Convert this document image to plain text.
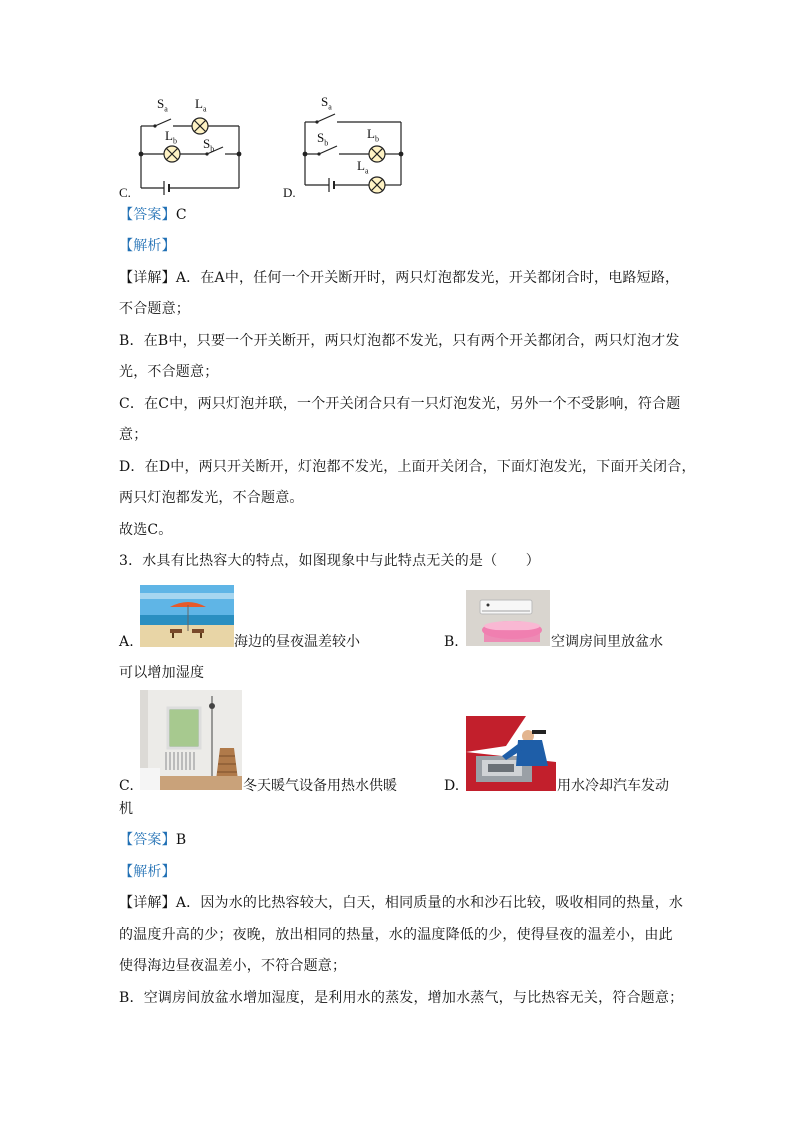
C.
$S_a$ $L_a$
$L_b$ $S_b$
D.
$S_a$
$S_b$
$L_b$
$L_a$
【答案】C
【解析】
【详解】A．在A中，任何一个开关断开时，两只灯泡都发光，开关都闭合时，电路短路，
不合题意；
B．在B中，只要一个开关断开，两只灯泡都不发光，只有两个开关都闭合，两只灯泡才发
光，不合题意；
C．在C中，两只灯泡并联，一个开关闭合只有一只灯泡发光，另外一个不受影响，符合题
意；
D．在D中，两只开关断开，灯泡都不发光，上面开关闭合，下面灯泡发光，下面开关闭合，
两只灯泡都发光，不合题意。
故选C。
3．水具有比热容大的特点，如图现象中与此特点无关的是（　　）
A.	海边的昼夜温差较小	B.	空调房间里放盆水
可以增加湿度
C.	冬天暖气设备用热水供暖	D.	用水冷却汽车发动
机
【答案】B
【解析】
【详解】A．因为水的比热容较大，白天，相同质量的水和沙石比较，吸收相同的热量，水
的温度升高的少；夜晚，放出相同的热量，水的温度降低的少，使得昼夜的温差小，由此
使得海边昼夜温差小，不符合题意；
B．空调房间放盆水增加湿度，是利用水的蒸发，增加水蒸气，与比热容无关，符合题意；
